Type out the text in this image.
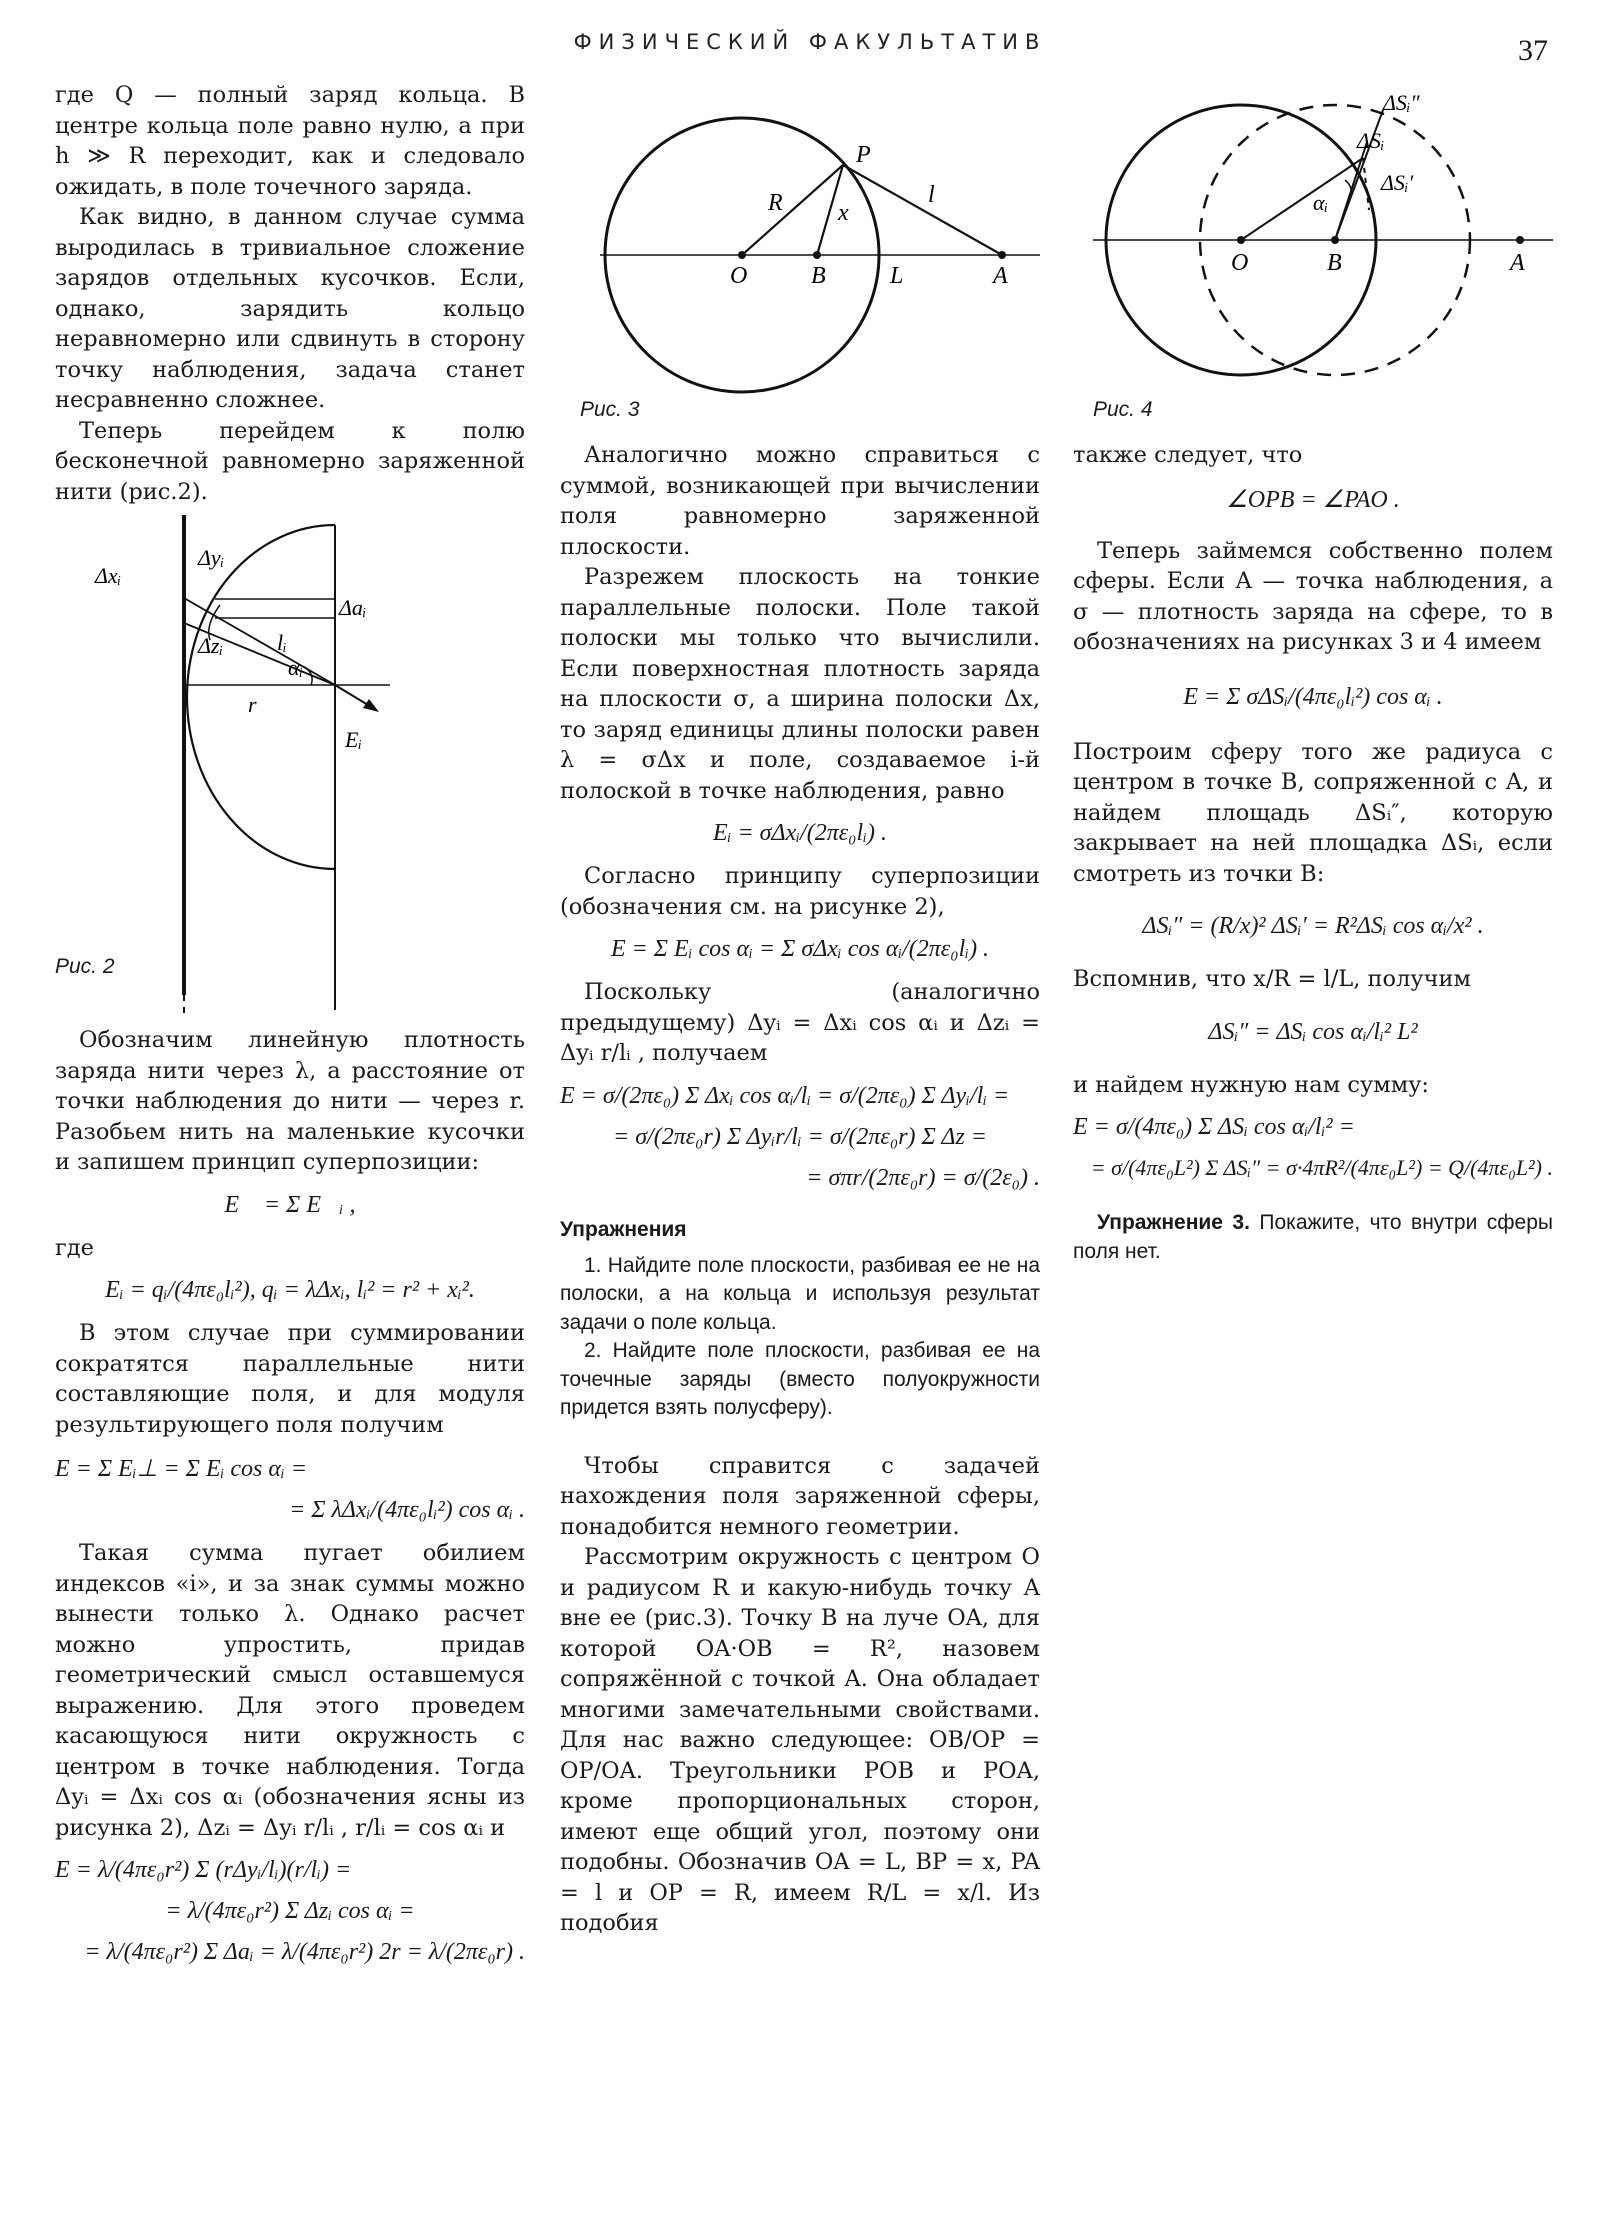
ФИЗИЧЕСКИЙ ФАКУЛЬТАТИВ	37

где Q — полный заряд кольца. В центре кольца поле равно нулю, а при h ≫ R переходит, как и следовало ожидать, в поле точечного заряда.

Как видно, в данном случае сумма выродилась в тривиальное сложение зарядов отдельных кусочков. Если, однако, зарядить кольцо неравномерно или сдвинуть в сторону точку наблюдения, задача станет несравненно сложнее.

Теперь перейдем к полю бесконечной равномерно заряженной нити (рис.2).

Δyᵢ
Δxᵢ
Δaᵢ
Δzᵢ lᵢ
αᵢ
r
Eᵢ
Рис. 2

Обозначим линейную плотность заряда нити через λ, а расстояние от точки наблюдения до нити — через r. Разобьем нить на маленькие кусочки и запишем принцип суперпозиции:

E⃗ = Σ E⃗ᵢ ,

где

Eᵢ = qᵢ/(4πε₀lᵢ²), qᵢ = λΔxᵢ, lᵢ² = r² + xᵢ².

В этом случае при суммировании сократятся параллельные нити составляющие поля, и для модуля результирующего поля получим

E = Σ Eᵢ⊥ = Σ Eᵢ cos αᵢ =
= Σ λΔxᵢ/(4πε₀lᵢ²) cos αᵢ .

Такая сумма пугает обилием индексов «i», и за знак суммы можно вынести только λ. Однако расчет можно упростить, придав геометрический смысл оставшемуся выражению. Для этого проведем касающуюся нити окружность с центром в точке наблюдения. Тогда Δyᵢ = Δxᵢ cos αᵢ (обозначения ясны из рисунка 2), Δzᵢ = Δyᵢ r/lᵢ , r/lᵢ = cos αᵢ и

E = λ/(4πε₀r²) Σ (rΔyᵢ/lᵢ)(r/lᵢ) =
= λ/(4πε₀r²) Σ Δzᵢ cos αᵢ =
= λ/(4πε₀r²) Σ Δaᵢ = λ/(4πε₀r²) 2r = λ/(2πε₀r) .
P
R x
l
O	B	L	A
Рис. 3

Аналогично можно справиться с суммой, возникающей при вычислении поля равномерно заряженной плоскости.

Разрежем плоскость на тонкие параллельные полоски. Поле такой полоски мы только что вычислили. Если поверхностная плотность заряда на плоскости σ, а ширина полоски Δx, то заряд единицы длины полоски равен λ = σΔx и поле, создаваемое i-й полоской в точке наблюдения, равно

Eᵢ = σΔxᵢ/(2πε₀lᵢ) .

Согласно принципу суперпозиции (обозначения см. на рисунке 2),

E = Σ Eᵢ cos αᵢ = Σ σΔxᵢ cos αᵢ/(2πε₀lᵢ) .

Поскольку (аналогично предыдущему) Δyᵢ = Δxᵢ cos αᵢ и Δzᵢ = Δyᵢ r/lᵢ , получаем

E = σ/(2πε₀) Σ Δxᵢ cos αᵢ/lᵢ = σ/(2πε₀) Σ Δyᵢ/lᵢ =
= σ/(2πε₀r) Σ Δyᵢr/lᵢ = σ/(2πε₀r) Σ Δz =
= σπr/(2πε₀r) = σ/(2ε₀) .
Упражнения

1. Найдите поле плоскости, разбивая ее не на полоски, а на кольца и используя результат задачи о поле кольца.

2. Найдите поле плоскости, разбивая ее на точечные заряды (вместо полуокружности придется взять полусферу).

Чтобы справится с задачей нахождения поля заряженной сферы, понадобится немного геометрии.

Рассмотрим окружность с центром O и радиусом R и какую-нибудь точку A вне ее (рис.3). Точку B на луче OA, для которой OA·OB = R², назовем сопряжённой с точкой A. Она обладает многими замечательными свойствами. Для нас важно следующее: OB/OP = OP/OA. Треугольники POB и POA, кроме пропорциональных сторон, имеют еще общий угол, поэтому они подобны. Обозначив OA = L, BP = x, PA = l и OP = R, имеем R/L = x/l. Из подобия

ΔSᵢ″
ΔSᵢ
ΔSᵢ′
αᵢ
O	B	A
Рис. 4

также следует, что

∠OPB = ∠PAO .

Теперь займемся собственно полем сферы. Если A — точка наблюдения, а σ — плотность заряда на сфере, то в обозначениях на рисунках 3 и 4 имеем

E = Σ σΔSᵢ/(4πε₀lᵢ²) cos αᵢ .

Построим сферу того же радиуса с центром в точке B, сопряженной с A, и найдем площадь ΔSᵢ″, которую закрывает на ней площадка ΔSᵢ, если смотреть из точки B:

ΔSᵢ″ = (R/x)² ΔSᵢ′ = R²ΔSᵢ cos αᵢ/x² .

Вспомнив, что x/R = l/L, получим

ΔSᵢ″ = ΔSᵢ cos αᵢ/lᵢ² L²

и найдем нужную нам сумму:

E = σ/(4πε₀) Σ ΔSᵢ cos αᵢ/lᵢ² =
= σ/(4πε₀L²) Σ ΔSᵢ″ = σ·4πR²/(4πε₀L²) = Q/(4πε₀L²) .

Упражнение 3. Покажите, что внутри сферы поля нет.
